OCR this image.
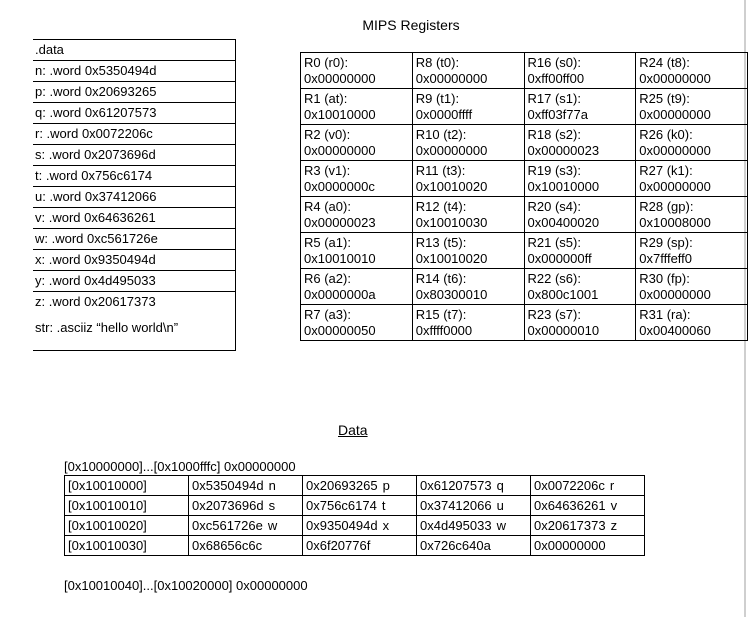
.data
n: .word 0x5350494d
p: .word 0x20693265
q: .word 0x61207573
r: .word 0x0072206c
s: .word 0x2073696d
t: .word 0x756c6174
u: .word 0x37412066
v: .word 0x64636261
w: .word 0xc561726e
x: .word 0x9350494d
y: .word 0x4d495033
z: .word 0x20617373
str: .asciiz “hello world\n”
MIPS Registers
R0 (r0):
0x00000000	R8 (t0):
0x00000000	R16 (s0):
0xff00ff00	R24 (t8):
0x00000000

R1 (at):
0x10010000	R9 (t1):
0x0000ffff	R17 (s1):
0xff03f77a	R25 (t9):
0x00000000

R2 (v0):
0x00000000	R10 (t2):
0x00000000	R18 (s2):
0x00000023	R26 (k0):
0x00000000

R3 (v1):
0x0000000c	R11 (t3):
0x10010020	R19 (s3):
0x10010000	R27 (k1):
0x00000000

R4 (a0):
0x00000023	R12 (t4):
0x10010030	R20 (s4):
0x00400020	R28 (gp):
0x10008000

R5 (a1):
0x10010010	R13 (t5):
0x10010020	R21 (s5):
0x000000ff	R29 (sp):
0x7fffeff0

R6 (a2):
0x0000000a	R14 (t6):
0x80300010	R22 (s6):
0x800c1001	R30 (fp):
0x00000000

R7 (a3):
0x00000050	R15 (t7):
0xffff0000	R23 (s7):
0x00000010	R31 (ra):
0x00400060
Data
[0x10000000]...[0x1000fffc] 0x00000000
[0x10010000]	0x5350494d n	0x20693265 p	0x61207573 q	0x0072206c r
[0x10010010]	0x2073696d s	0x756c6174 t	0x37412066 u	0x64636261 v
[0x10010020]	0xc561726e w	0x9350494d x	0x4d495033 w	0x20617373 z
[0x10010030]	0x68656c6c	0x6f20776f	0x726c640a	0x00000000
[0x10010040]...[0x10020000] 0x00000000
